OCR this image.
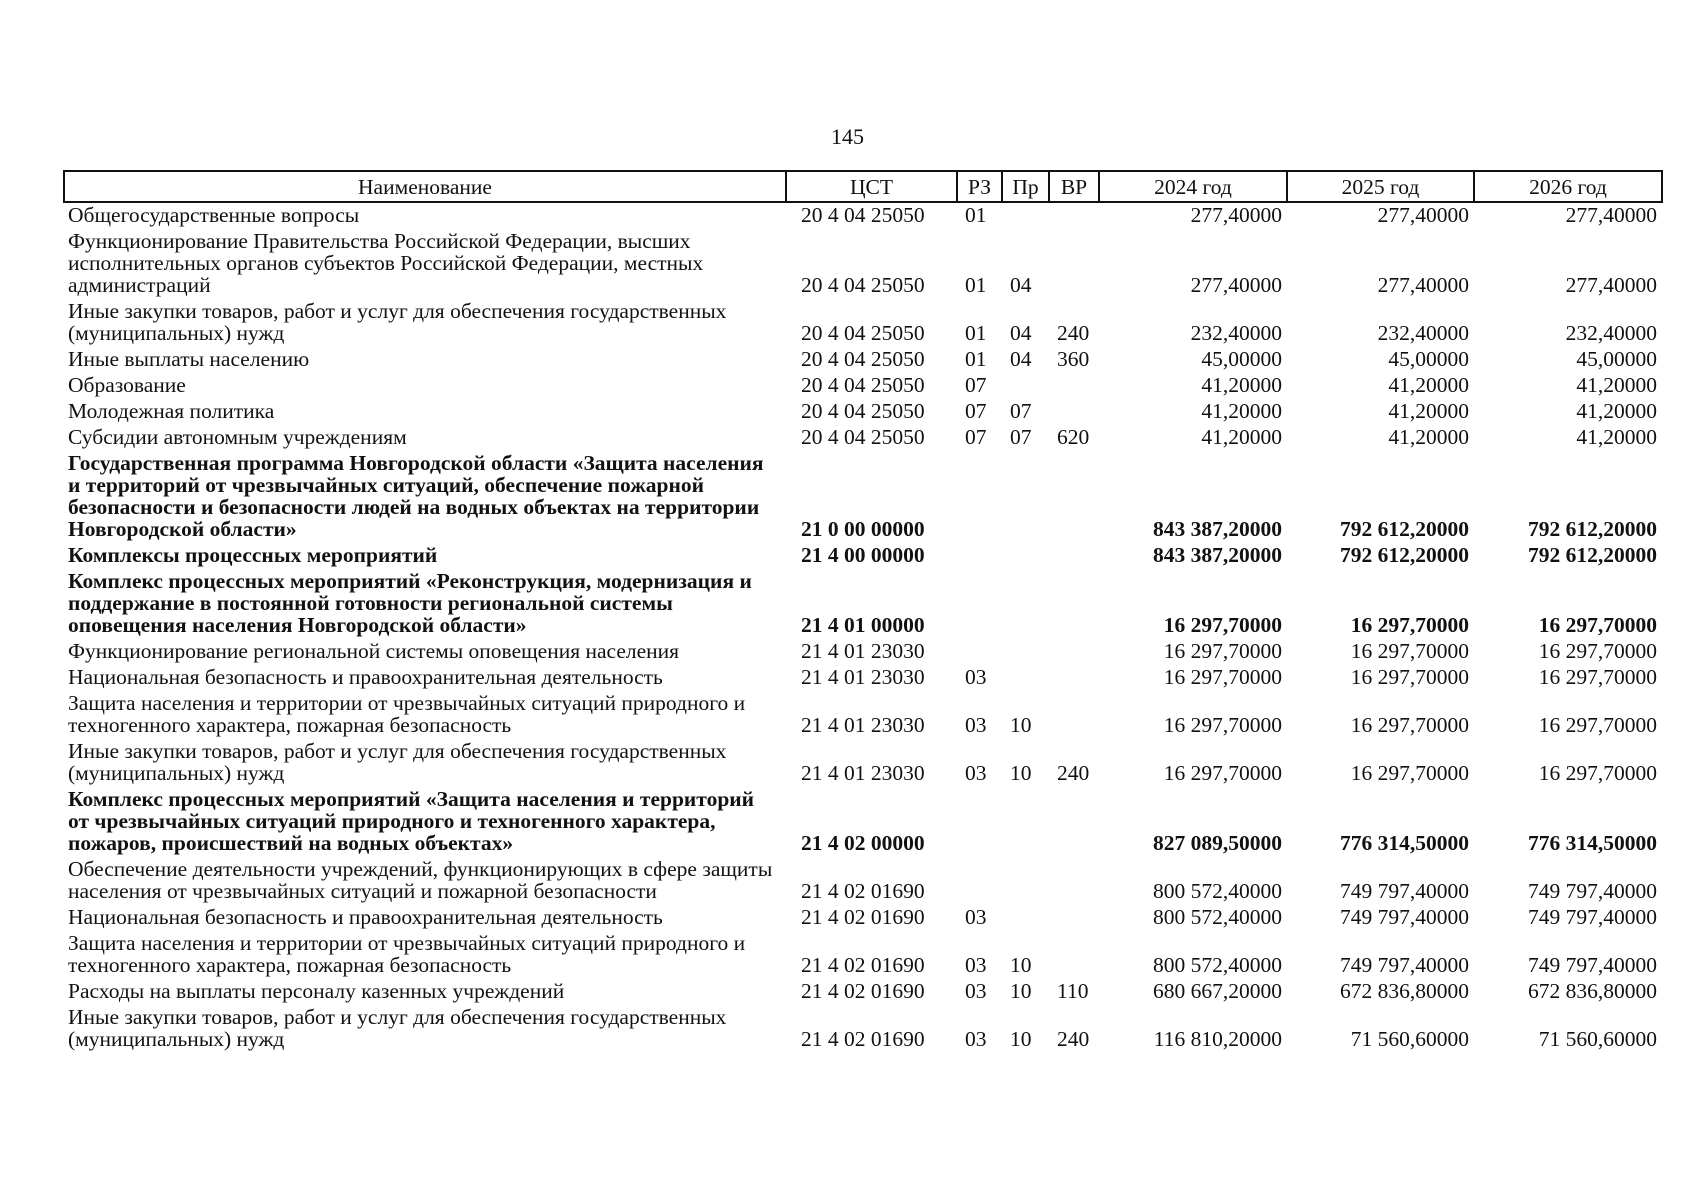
145
Наименование	ЦСТ	РЗ	Пр	ВР	2024 год	2025 год	2026 год
Общегосударственные вопросы	20 4 04 25050	01			277,40000	277,40000	277,40000
Функционирование Правительства Российской Федерации, высших исполнительных органов субъектов Российской Федерации, местных администраций	20 4 04 25050	01	04		277,40000	277,40000	277,40000
Иные закупки товаров, работ и услуг для обеспечения государственных (муниципальных) нужд	20 4 04 25050	01	04	240	232,40000	232,40000	232,40000
Иные выплаты населению	20 4 04 25050	01	04	360	45,00000	45,00000	45,00000
Образование	20 4 04 25050	07			41,20000	41,20000	41,20000
Молодежная политика	20 4 04 25050	07	07		41,20000	41,20000	41,20000
Субсидии автономным учреждениям	20 4 04 25050	07	07	620	41,20000	41,20000	41,20000
Государственная программа Новгородской области «Защита населения и территорий от чрезвычайных ситуаций, обеспечение пожарной безопасности и безопасности людей на водных объектах на территории Новгородской области»	21 0 00 00000				843 387,20000	792 612,20000	792 612,20000
Комплексы процессных мероприятий	21 4 00 00000				843 387,20000	792 612,20000	792 612,20000
Комплекс процессных мероприятий «Реконструкция, модернизация и поддержание в постоянной готовности региональной системы оповещения населения Новгородской области»	21 4 01 00000				16 297,70000	16 297,70000	16 297,70000
Функционирование региональной системы оповещения населения	21 4 01 23030				16 297,70000	16 297,70000	16 297,70000
Национальная безопасность и правоохранительная деятельность	21 4 01 23030	03			16 297,70000	16 297,70000	16 297,70000
Защита населения и территории от чрезвычайных ситуаций природного и техногенного характера, пожарная безопасность	21 4 01 23030	03	10		16 297,70000	16 297,70000	16 297,70000
Иные закупки товаров, работ и услуг для обеспечения государственных (муниципальных) нужд	21 4 01 23030	03	10	240	16 297,70000	16 297,70000	16 297,70000
Комплекс процессных мероприятий «Защита населения и территорий от чрезвычайных ситуаций природного и техногенного характера, пожаров, происшествий на водных объектах»	21 4 02 00000				827 089,50000	776 314,50000	776 314,50000
Обеспечение деятельности учреждений, функционирующих в сфере защиты населения от чрезвычайных ситуаций и пожарной безопасности	21 4 02 01690				800 572,40000	749 797,40000	749 797,40000
Национальная безопасность и правоохранительная деятельность	21 4 02 01690	03			800 572,40000	749 797,40000	749 797,40000
Защита населения и территории от чрезвычайных ситуаций природного и техногенного характера, пожарная безопасность	21 4 02 01690	03	10		800 572,40000	749 797,40000	749 797,40000
Расходы на выплаты персоналу казенных учреждений	21 4 02 01690	03	10	110	680 667,20000	672 836,80000	672 836,80000
Иные закупки товаров, работ и услуг для обеспечения государственных (муниципальных) нужд	21 4 02 01690	03	10	240	116 810,20000	71 560,60000	71 560,60000
